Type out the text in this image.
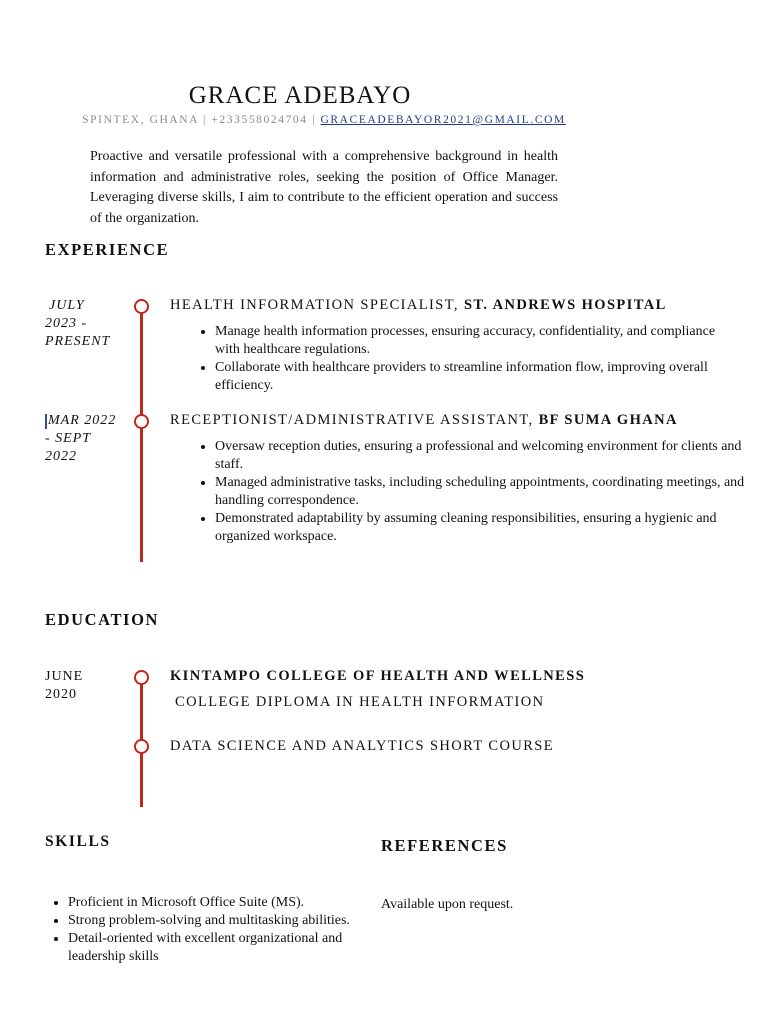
GRACE ADEBAYO
SPINTEX, GHANA | +233558024704 | GRACEADEBAYOR2021@GMAIL.COM
Proactive and versatile professional with a comprehensive background in health information and administrative roles, seeking the position of Office Manager. Leveraging diverse skills, I aim to contribute to the efficient operation and success of the organization.
EXPERIENCE
JULY
2023 -
PRESENT
HEALTH INFORMATION SPECIALIST, ST. ANDREWS HOSPITAL
• Manage health information processes, ensuring accuracy, confidentiality, and compliance with healthcare regulations.
• Collaborate with healthcare providers to streamline information flow, improving overall efficiency.
MAR 2022
- SEPT
2022
RECEPTIONIST/ADMINISTRATIVE ASSISTANT, BF SUMA GHANA
• Oversaw reception duties, ensuring a professional and welcoming environment for clients and staff.
• Managed administrative tasks, including scheduling appointments, coordinating meetings, and handling correspondence.
• Demonstrated adaptability by assuming cleaning responsibilities, ensuring a hygienic and organized workspace.
EDUCATION
JUNE
2020
KINTAMPO COLLEGE OF HEALTH AND WELLNESS
COLLEGE DIPLOMA IN HEALTH INFORMATION
DATA SCIENCE AND ANALYTICS SHORT COURSE
SKILLS
• Proficient in Microsoft Office Suite (MS).
• Strong problem-solving and multitasking abilities.
• Detail-oriented with excellent organizational and leadership skills
REFERENCES
Available upon request.
